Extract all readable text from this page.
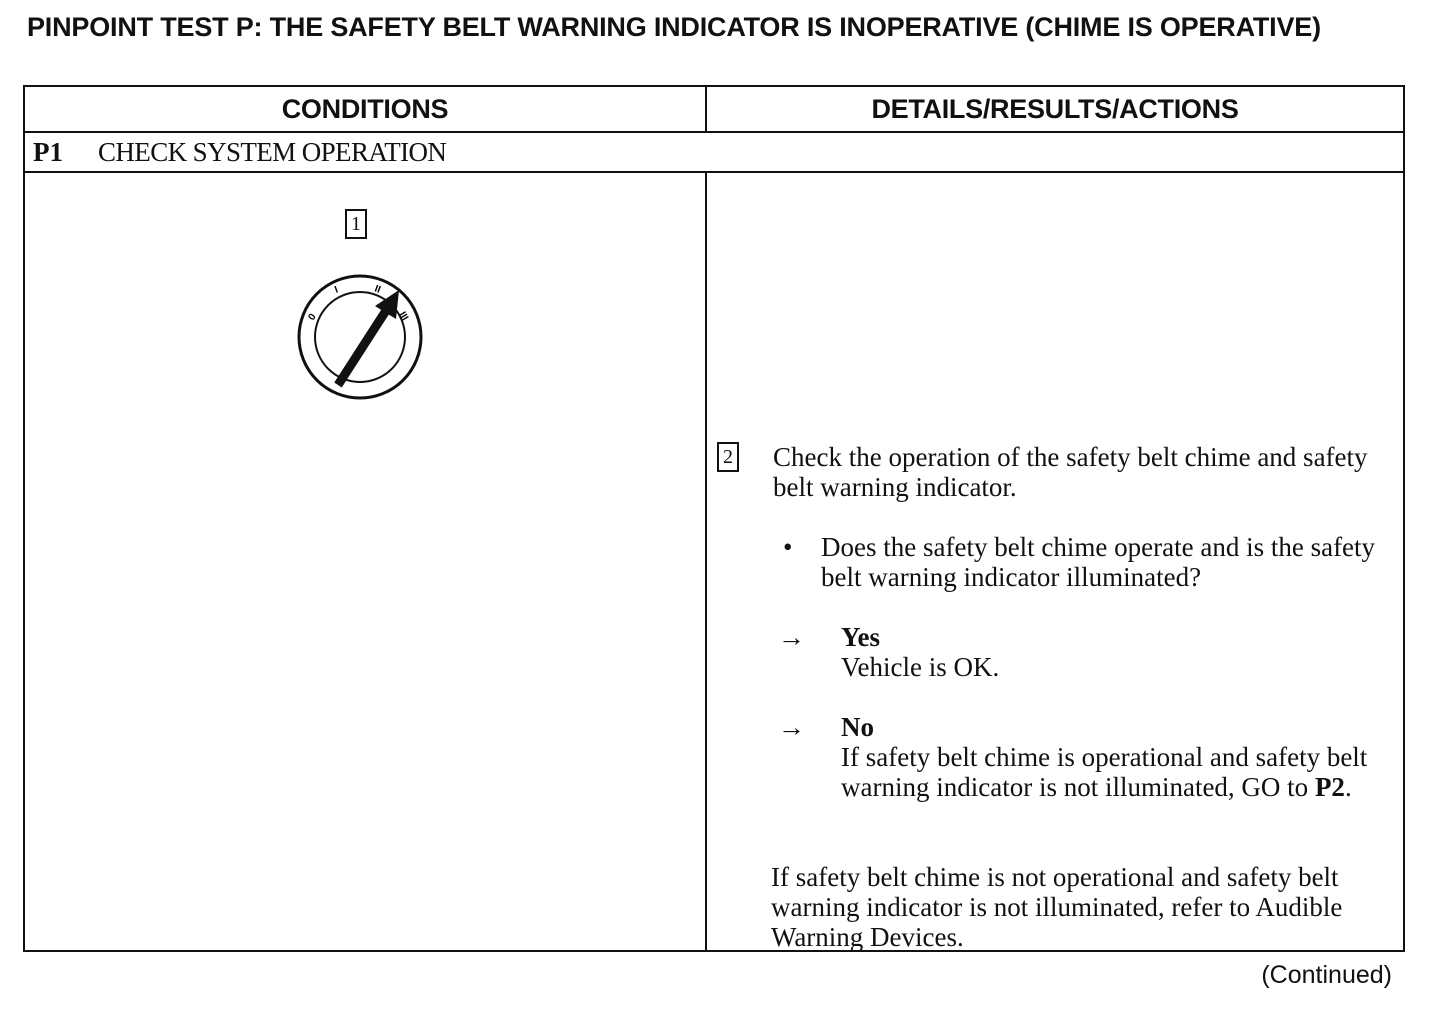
PINPOINT TEST P: THE SAFETY BELT WARNING INDICATOR IS INOPERATIVE (CHIME IS OPERATIVE)
CONDITIONS	DETAILS/RESULTS/ACTIONS
P1 CHECK SYSTEM OPERATION
1
0
I	II
III
2 Check the operation of the safety belt chime and safety belt warning indicator.
• Does the safety belt chime operate and is the safety belt warning indicator illuminated?
→ Yes
Vehicle is OK.
→ No
If safety belt chime is operational and safety belt warning indicator is not illuminated, GO to P2.
If safety belt chime is not operational and safety belt warning indicator is not illuminated, refer to Audible Warning Devices.
(Continued)
